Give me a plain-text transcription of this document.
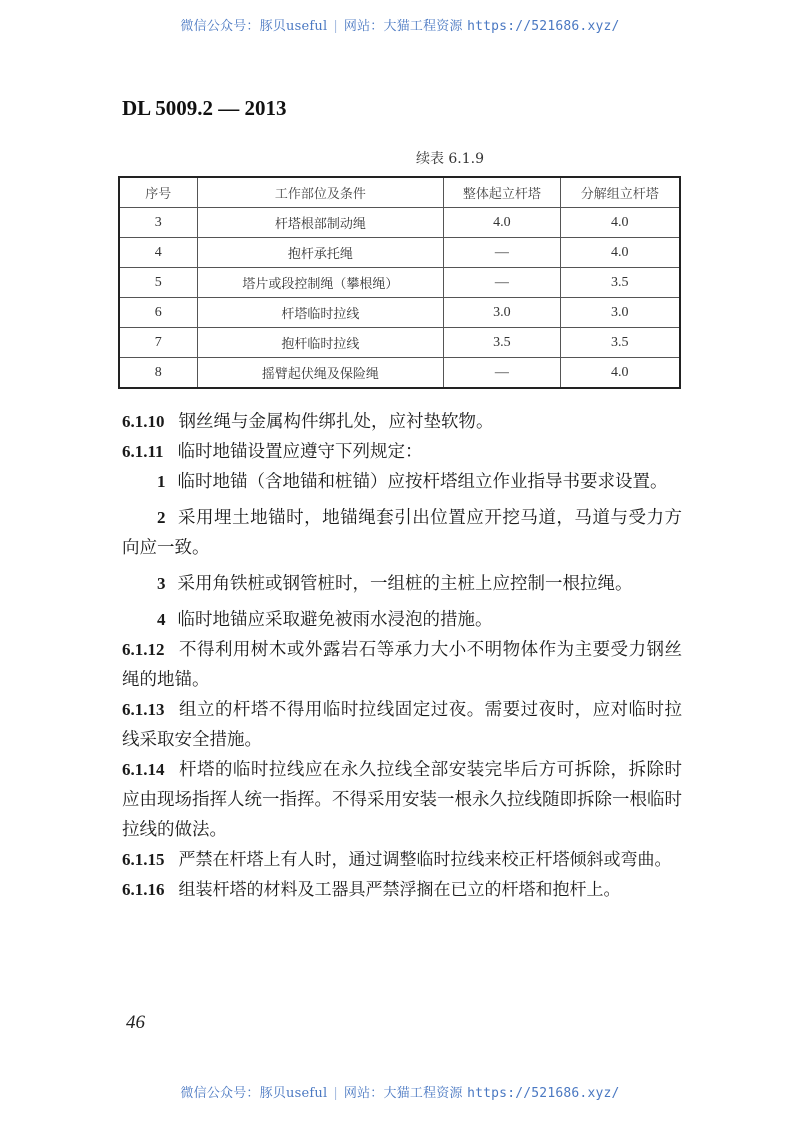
微信公众号：豚贝useful | 网站：大猫工程资源 https://521686.xyz/
DL 5009.2 — 2013
续表 6.1.9
序号	工作部位及条件	整体起立杆塔	分解组立杆塔
3	杆塔根部制动绳	4.0	4.0
4	抱杆承托绳	—	4.0
5	塔片或段控制绳（攀根绳）	—	3.5
6	杆塔临时拉线	3.0	3.0
7	抱杆临时拉线	3.5	3.5
8	摇臂起伏绳及保险绳	—	4.0

6.1.10 钢丝绳与金属构件绑扎处，应衬垫软物。

6.1.11 临时地锚设置应遵守下列规定：

1 临时地锚（含地锚和桩锚）应按杆塔组立作业指导书要求设置。

2 采用埋土地锚时，地锚绳套引出位置应开挖马道，马道与受力方向应一致。

3 采用角铁桩或钢管桩时，一组桩的主桩上应控制一根拉绳。

4 临时地锚应采取避免被雨水浸泡的措施。

6.1.12 不得利用树木或外露岩石等承力大小不明物体作为主要受力钢丝绳的地锚。

6.1.13 组立的杆塔不得用临时拉线固定过夜。需要过夜时，应对临时拉线采取安全措施。

6.1.14 杆塔的临时拉线应在永久拉线全部安装完毕后方可拆除，拆除时应由现场指挥人统一指挥。不得采用安装一根永久拉线随即拆除一根临时拉线的做法。

6.1.15 严禁在杆塔上有人时，通过调整临时拉线来校正杆塔倾斜或弯曲。

6.1.16 组装杆塔的材料及工器具严禁浮搁在已立的杆塔和抱杆上。

46
微信公众号：豚贝useful | 网站：大猫工程资源 https://521686.xyz/
